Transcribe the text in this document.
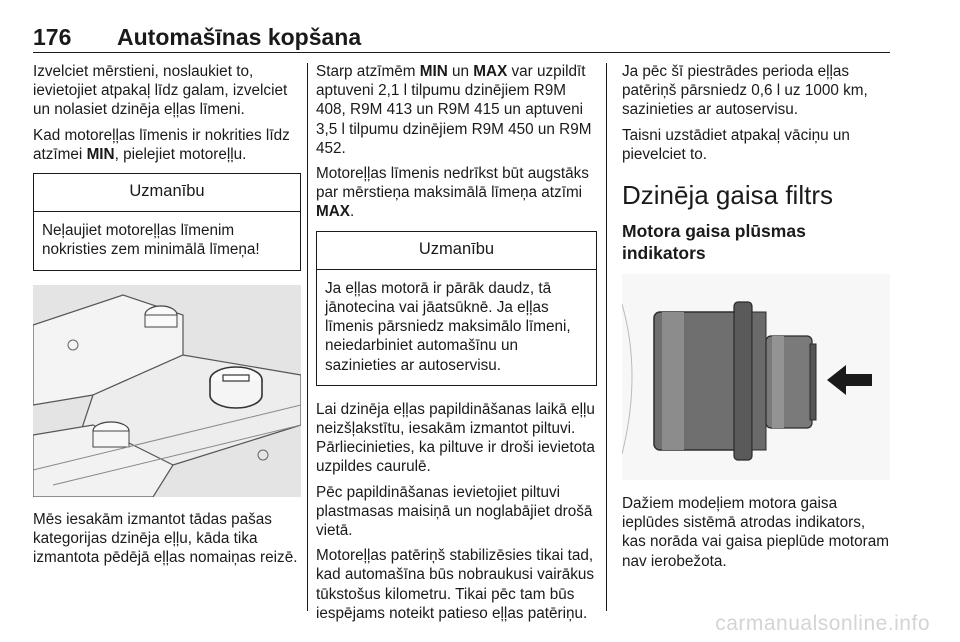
176 Automašīnas kopšana

Izvelciet mērstieni, noslaukiet to, ievietojiet atpakaļ līdz galam, izvelciet un nolasiet dzinēja eļļas līmeni.

Kad motoreļļas līmenis ir nokrities līdz atzīmei MIN, pielejiet motoreļļu.

Uzmanību
Neļaujiet motoreļļas līmenim nokristies zem minimālā līmeņa!

Mēs iesakām izmantot tādas pašas kategorijas dzinēja eļļu, kāda tika izmantota pēdējā eļļas nomaiņas reizē.

Starp atzīmēm MIN un MAX var uzpildīt aptuveni 2,1 l tilpumu dzinējiem R9M 408, R9M 413 un R9M 415 un aptuveni 3,5 l tilpumu dzinējiem R9M 450 un R9M 452.

Motoreļļas līmenis nedrīkst būt augstāks par mērstieņa maksimālā līmeņa atzīmi MAX.

Uzmanību
Ja eļļas motorā ir pārāk daudz, tā jānotecina vai jāatsūknē. Ja eļļas līmenis pārsniedz maksimālo līmeni, neiedarbiniet automašīnu un sazinieties ar autoservisu.

Lai dzinēja eļļas papildināšanas laikā eļļu neizšļakstītu, iesakām izmantot piltuvi. Pārliecinieties, ka piltuve ir droši ievietota uzpildes caurulē.

Pēc papildināšanas ievietojiet piltuvi plastmasas maisiņā un noglabājiet drošā vietā.

Motoreļļas patēriņš stabilizēsies tikai tad, kad automašīna būs nobraukusi vairākus tūkstošus kilometru. Tikai pēc tam būs iespējams noteikt patieso eļļas patēriņu.

Ja pēc šī piestrādes perioda eļļas patēriņš pārsniedz 0,6 l uz 1000 km, sazinieties ar autoservisu.

Taisni uzstādiet atpakaļ vāciņu un pievelciet to.

Dzinēja gaisa filtrs
Motora gaisa plūsmas indikators

Dažiem modeļiem motora gaisa ieplūdes sistēmā atrodas indikators, kas norāda vai gaisa pieplūde motoram nav ierobežota.

carmanualsonline.info
